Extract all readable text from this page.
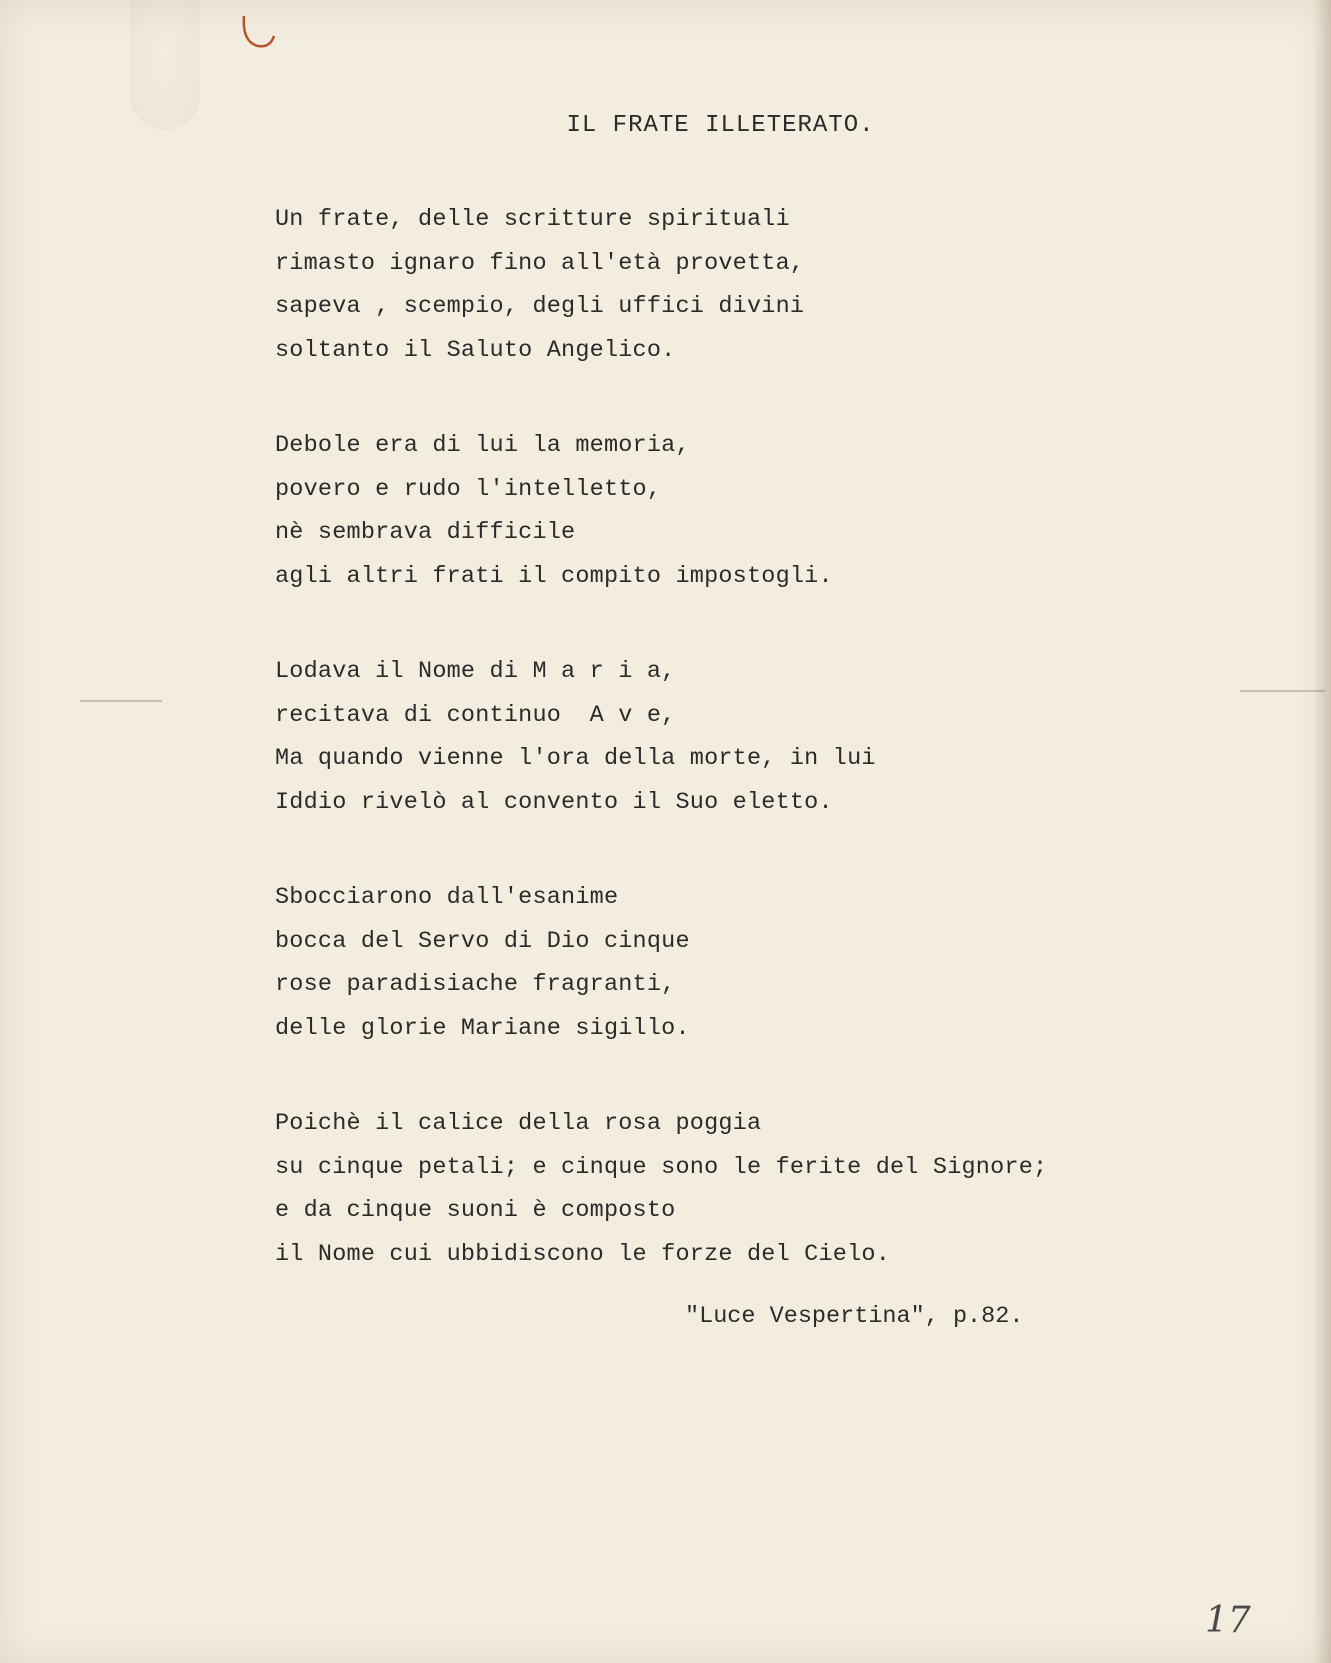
IL FRATE ILLETERATO.
Un frate, delle scritture spirituali
rimasto ignaro fino all'età provetta,
sapeva , scempio, degli uffici divini
soltanto il Saluto Angelico.
Debole era di lui la memoria,
povero e rudo l'intelletto,
nè sembrava difficile
agli altri frati il compito impostogli.
Lodava il Nome di M a r i a,
recitava di continuo  A v e,
Ma quando vienne l'ora della morte, in lui
Iddio rivelò al convento il Suo eletto.
Sbocciarono dall'esanime
bocca del Servo di Dio cinque
rose paradisiache fragranti,
delle glorie Mariane sigillo.
Poichè il calice della rosa poggia
su cinque petali; e cinque sono le ferite del Signore;
e da cinque suoni è composto
il Nome cui ubbidiscono le forze del Cielo.
"Luce Vespertina", p.82.
17
